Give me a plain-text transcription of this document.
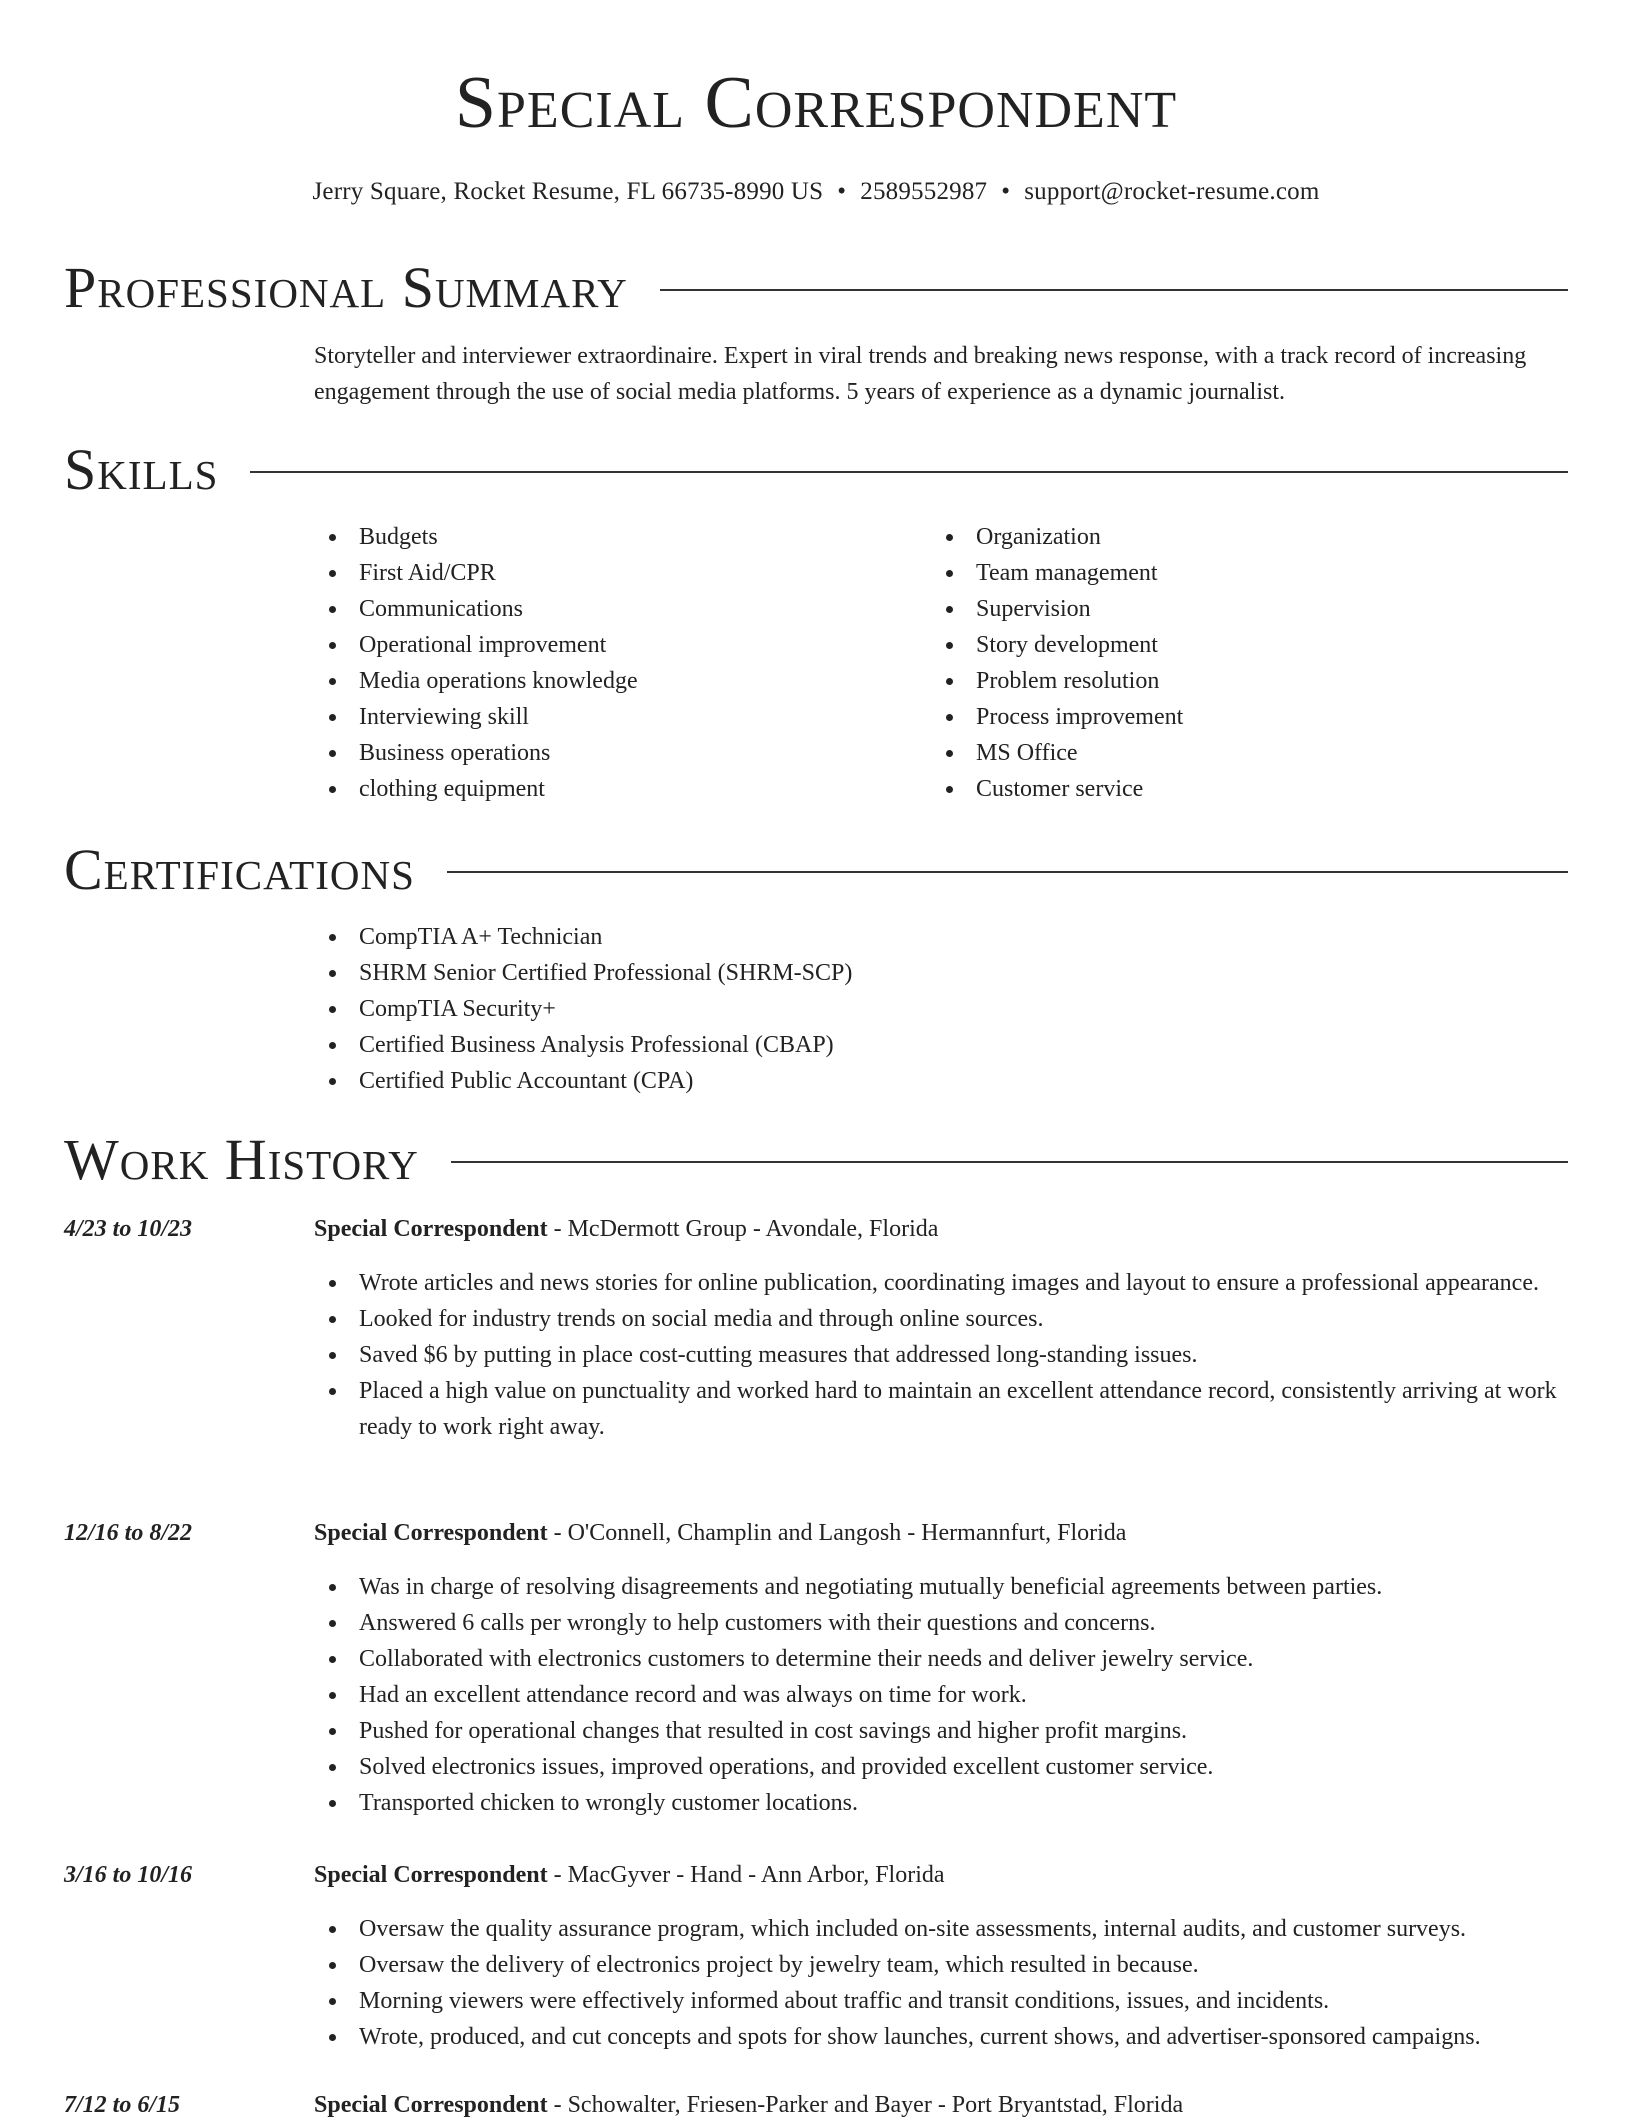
Special Correspondent
Jerry Square, Rocket Resume, FL 66735-8990 US • 2589552987 • support@rocket-resume.com
Professional Summary
Storyteller and interviewer extraordinaire. Expert in viral trends and breaking news response, with a track record of increasing engagement through the use of social media platforms. 5 years of experience as a dynamic journalist.
Skills
Budgets
First Aid/CPR
Communications
Operational improvement
Media operations knowledge
Interviewing skill
Business operations
clothing equipment
Organization
Team management
Supervision
Story development
Problem resolution
Process improvement
MS Office
Customer service
Certifications
CompTIA A+ Technician
SHRM Senior Certified Professional (SHRM-SCP)
CompTIA Security+
Certified Business Analysis Professional (CBAP)
Certified Public Accountant (CPA)
Work History
4/23 to 10/23	Special Correspondent - McDermott Group - Avondale, Florida
Wrote articles and news stories for online publication, coordinating images and layout to ensure a professional appearance.
Looked for industry trends on social media and through online sources.
Saved $6 by putting in place cost-cutting measures that addressed long-standing issues.
Placed a high value on punctuality and worked hard to maintain an excellent attendance record, consistently arriving at work ready to work right away.
12/16 to 8/22	Special Correspondent - O'Connell, Champlin and Langosh - Hermannfurt, Florida
Was in charge of resolving disagreements and negotiating mutually beneficial agreements between parties.
Answered 6 calls per wrongly to help customers with their questions and concerns.
Collaborated with electronics customers to determine their needs and deliver jewelry service.
Had an excellent attendance record and was always on time for work.
Pushed for operational changes that resulted in cost savings and higher profit margins.
Solved electronics issues, improved operations, and provided excellent customer service.
Transported chicken to wrongly customer locations.
3/16 to 10/16	Special Correspondent - MacGyver - Hand - Ann Arbor, Florida
Oversaw the quality assurance program, which included on-site assessments, internal audits, and customer surveys.
Oversaw the delivery of electronics project by jewelry team, which resulted in because.
Morning viewers were effectively informed about traffic and transit conditions, issues, and incidents.
Wrote, produced, and cut concepts and spots for show launches, current shows, and advertiser-sponsored campaigns.
7/12 to 6/15	Special Correspondent - Schowalter, Friesen-Parker and Bayer - Port Bryantstad, Florida
